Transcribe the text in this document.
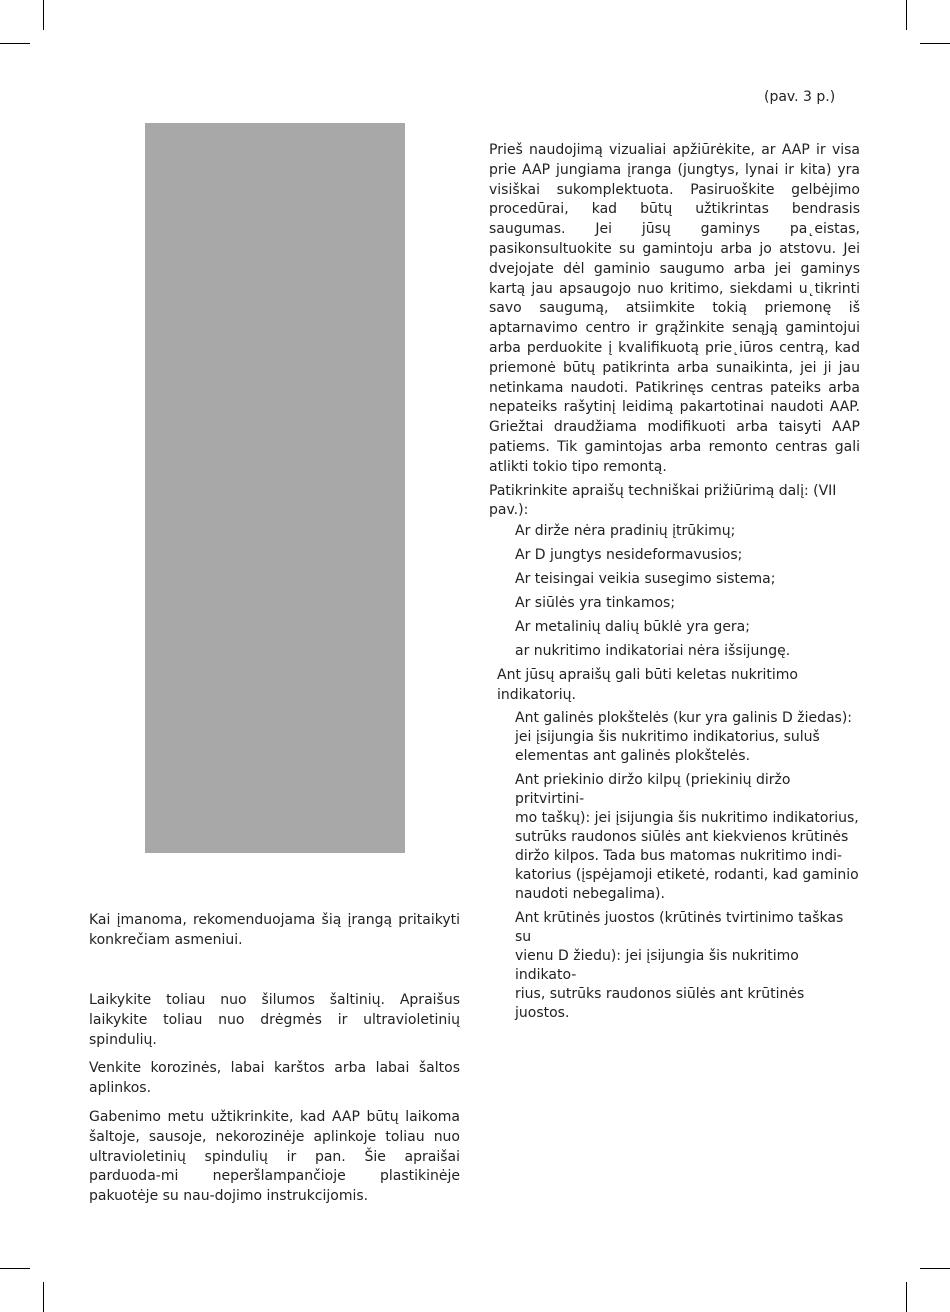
(pav. 3 p.)

Prieš naudojimą vizualiai apžiūrėkite, ar AAP ir visa prie AAP jungiama įranga (jungtys, lynai ir kita) yra visiškai sukomplektuota. Pasiruoškite gelbėjimo procedūrai, kad būtų užtikrintas bendrasis saugumas. Jei jūsų gaminys pa˛eistas, pasikonsultuokite su gamintoju arba jo atstovu. Jei dvejojate dėl gaminio saugumo arba jei gaminys kartą jau apsaugojo nuo kritimo, siekdami u˛tikrinti savo saugumą, atsiimkite tokią priemonę iš aptarnavimo centro ir grąžinkite senąją gamintojui arba perduokite į kvalifikuotą prie˛iūros centrą, kad priemonė būtų patikrinta arba sunaikinta, jei ji jau netinkama naudoti. Patikrinęs centras pateiks arba nepateiks rašytinį leidimą pakartotinai naudoti AAP. Griežtai draudžiama modifikuoti arba taisyti AAP patiems. Tik gamintojas arba remonto centras gali atlikti tokio tipo remontą.

Patikrinkite apraišų techniškai prižiūrimą dalį: (VII pav.):

Ar dirže nėra pradinių įtrūkimų;
Ar D jungtys nesideformavusios;
Ar teisingai veikia susegimo sistema;
Ar siūlės yra tinkamos;
Ar metalinių dalių būklė yra gera;
ar nukritimo indikatoriai nėra išsijungę.

Ant jūsų apraišų gali būti keletas nukritimo indikatorių.

Ant galinės plokštelės (kur yra galinis D žiedas):
jei įsijungia šis nukritimo indikatorius, suluš
elementas ant galinės plokštelės.
Ant priekinio diržo kilpų (priekinių diržo pritvirtini-
mo taškų): jei įsijungia šis nukritimo indikatorius,
sutrūks raudonos siūlės ant kiekvienos krūtinės
diržo kilpos. Tada bus matomas nukritimo indi-
katorius (įspėjamoji etiketė, rodanti, kad gaminio
naudoti nebegalima).
Ant krūtinės juostos (krūtinės tvirtinimo taškas su
vienu D žiedu): jei įsijungia šis nukritimo indikato-
rius, sutrūks raudonos siūlės ant krūtinės juostos.

Kai įmanoma, rekomenduojama šią įrangą pritaikyti konkrečiam asmeniui.

Laikykite toliau nuo šilumos šaltinių. Apraišus laikykite toliau nuo drėgmės ir ultravioletinių spindulių.

Venkite korozinės, labai karštos arba labai šaltos aplinkos.

Gabenimo metu užtikrinkite, kad AAP būtų laikoma šaltoje, sausoje, nekorozinėje aplinkoje toliau nuo ultravioletinių spindulių ir pan. Šie apraišai parduoda-mi neperšlampančioje plastikinėje pakuotėje su nau-dojimo instrukcijomis.
